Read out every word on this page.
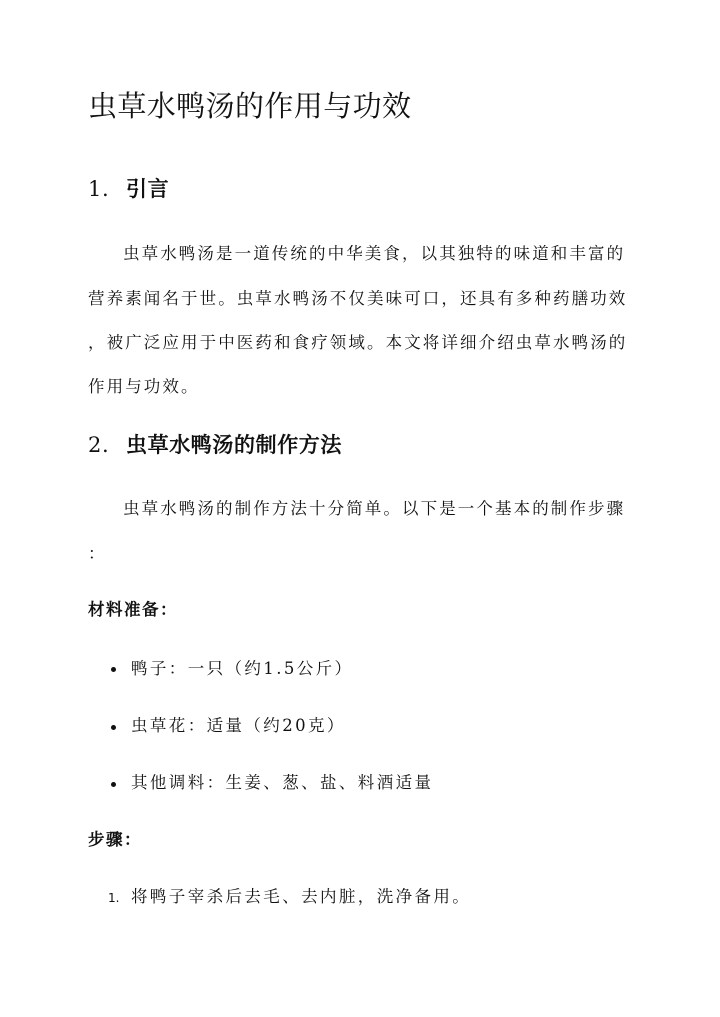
虫草水鸭汤的作用与功效
1. 引言

虫草水鸭汤是一道传统的中华美食，以其独特的味道和丰富的

营养素闻名于世。虫草水鸭汤不仅美味可口，还具有多种药膳功效

，被广泛应用于中医药和食疗领域。本文将详细介绍虫草水鸭汤的

作用与功效。

2. 虫草水鸭汤的制作方法

虫草水鸭汤的制作方法十分简单。以下是一个基本的制作步骤

：

材料准备：

鸭子：一只（约1.5公斤）
虫草花：适量（约20克）
其他调料：生姜、葱、盐、料酒适量

步骤：

1. 将鸭子宰杀后去毛、去内脏，洗净备用。
